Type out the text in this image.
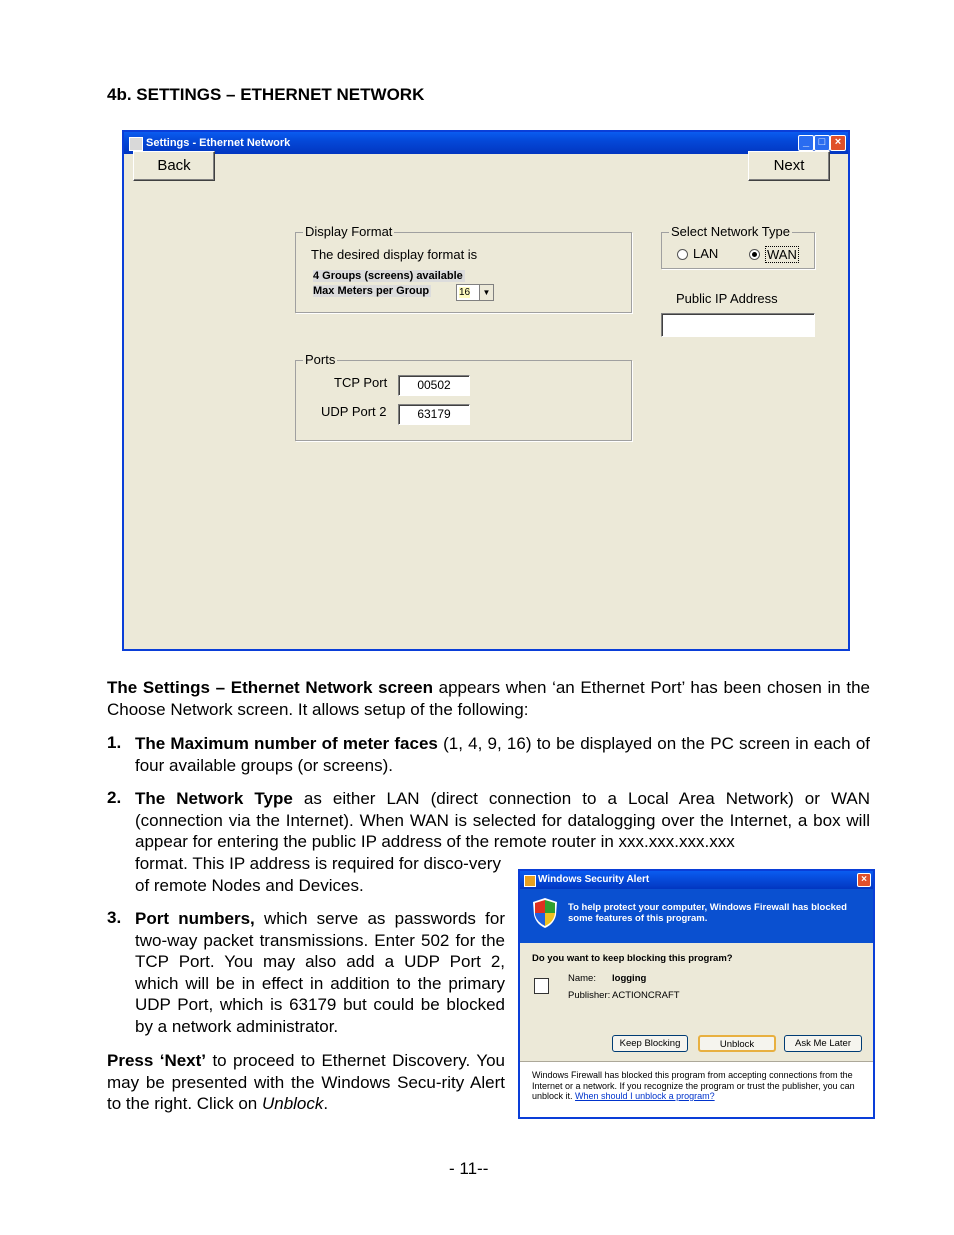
4b. SETTINGS – ETHERNET NETWORK
Settings - Ethernet Network	_ □ ×
Back	Next
Display Format
The desired display format is
4 Groups (screens) available
Max Meters per Group	16	▼
Select Network Type
LAN	WAN
Public IP Address
Ports
TCP Port	00502
UDP Port 2	63179
The Settings – Ethernet Network screen appears when ‘an Ethernet Port’ has been chosen in the Choose Network screen. It allows setup of the following:
1. The Maximum number of meter faces (1, 4, 9, 16) to be displayed on the PC screen in each of four available groups (or screens).
2. The Network Type as either LAN (direct connection to a Local Area Network) or WAN (connection via the Internet). When WAN is selected for datalogging over the Internet, a box will appear for entering the public IP address of the remote router in xxx.xxx.xxx.xxx
format. This IP address is required for disco-very of remote Nodes and Devices.
3. Port numbers, which serve as passwords for two-way packet transmissions. Enter 502 for the TCP Port. You may also add a UDP Port 2, which will be in effect in addition to the primary UDP Port, which is 63179 but could be blocked by a network administrator.
Press ‘Next’ to proceed to Ethernet Discovery. You may be presented with the Windows Secu-rity Alert to the right. Click on Unblock.
Windows Security Alert	×
To help protect your computer, Windows Firewall has blocked some features of this program.
Do you want to keep blocking this program?
Name: logging
Publisher: ACTIONCRAFT
Keep Blocking	Unblock	Ask Me Later
Windows Firewall has blocked this program from accepting connections from the Internet or a network. If you recognize the program or trust the publisher, you can unblock it. When should I unblock a program?
- 11--
